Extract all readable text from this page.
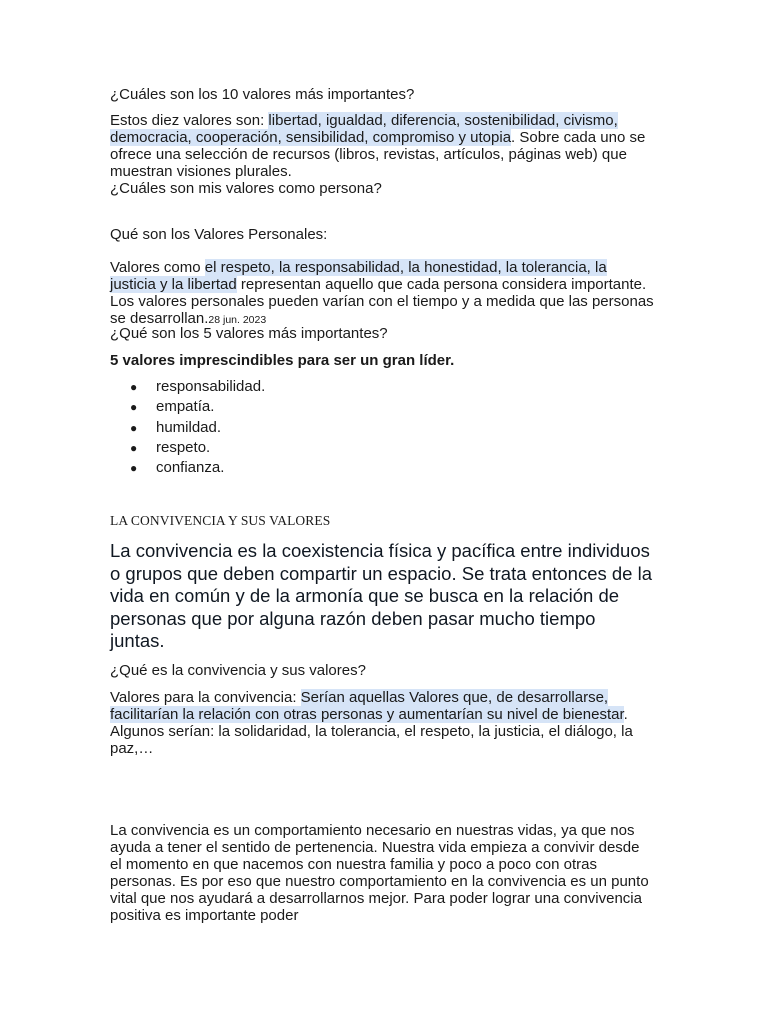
¿Cuáles son los 10 valores más importantes?

Estos diez valores son: libertad, igualdad, diferencia, sostenibilidad, civismo, democracia, cooperación, sensibilidad, compromiso y utopia. Sobre cada uno se ofrece una selección de recursos (libros, revistas, artículos, páginas web) que muestran visiones plurales.

¿Cuáles son mis valores como persona?

Qué son los Valores Personales:

Valores como el respeto, la responsabilidad, la honestidad, la tolerancia, la justicia y la libertad representan aquello que cada persona considera importante. Los valores personales pueden varían con el tiempo y a medida que las personas se desarrollan.28 jun. 2023

¿Qué son los 5 valores más importantes?

5 valores imprescindibles para ser un gran líder.

● responsabilidad.
● empatía.
● humildad.
● respeto.
● confianza.

LA CONVIVENCIA Y SUS VALORES

La convivencia es la coexistencia física y pacífica entre individuos o grupos que deben compartir un espacio. Se trata entonces de la vida en común y de la armonía que se busca en la relación de personas que por alguna razón deben pasar mucho tiempo juntas.

¿Qué es la convivencia y sus valores?

Valores para la convivencia: Serían aquellas Valores que, de desarrollarse, facilitarían la relación con otras personas y aumentarían su nivel de bienestar. Algunos serían: la solidaridad, la tolerancia, el respeto, la justicia, el diálogo, la paz,…

La convivencia es un comportamiento necesario en nuestras vidas, ya que nos ayuda a tener el sentido de pertenencia. Nuestra vida empieza a convivir desde el momento en que nacemos con nuestra familia y poco a poco con otras personas. Es por eso que nuestro comportamiento en la convivencia es un punto vital que nos ayudará a desarrollarnos mejor. Para poder lograr una convivencia positiva es importante poder
